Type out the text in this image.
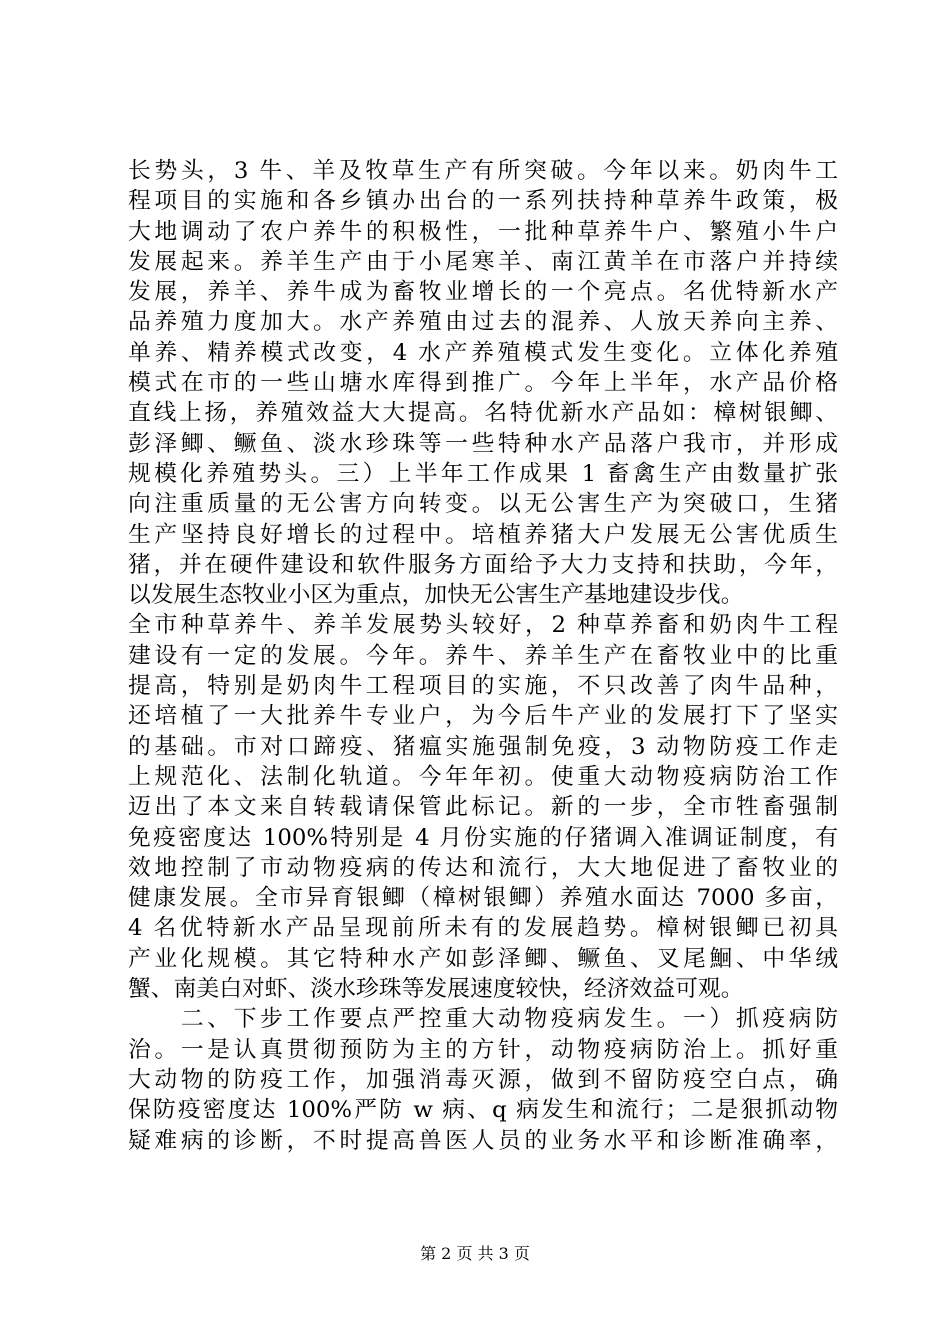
长势头，3 牛、羊及牧草生产有所突破。今年以来。奶肉牛工
程项目的实施和各乡镇办出台的一系列扶持种草养牛政策，极
大地调动了农户养牛的积极性，一批种草养牛户、繁殖小牛户
发展起来。养羊生产由于小尾寒羊、南江黄羊在市落户并持续
发展，养羊、养牛成为畜牧业增长的一个亮点。名优特新水产
品养殖力度加大。水产养殖由过去的混养、人放天养向主养、
单养、精养模式改变，4 水产养殖模式发生变化。立体化养殖
模式在市的一些山塘水库得到推广。今年上半年，水产品价格
直线上扬，养殖效益大大提高。名特优新水产品如：樟树银鲫、
彭泽鲫、鳜鱼、淡水珍珠等一些特种水产品落户我市，并形成
规模化养殖势头。三）上半年工作成果 1 畜禽生产由数量扩张
向注重质量的无公害方向转变。以无公害生产为突破口，生猪
生产坚持良好增长的过程中。培植养猪大户发展无公害优质生
猪，并在硬件建设和软件服务方面给予大力支持和扶助，今年，
以发展生态牧业小区为重点，加快无公害生产基地建设步伐。
全市种草养牛、养羊发展势头较好，2 种草养畜和奶肉牛工程
建设有一定的发展。今年。养牛、养羊生产在畜牧业中的比重
提高，特别是奶肉牛工程项目的实施，不只改善了肉牛品种，
还培植了一大批养牛专业户，为今后牛产业的发展打下了坚实
的基础。市对口蹄疫、猪瘟实施强制免疫，3 动物防疫工作走
上规范化、法制化轨道。今年年初。使重大动物疫病防治工作
迈出了本文来自转载请保管此标记。新的一步，全市牲畜强制
免疫密度达 100%特别是 4 月份实施的仔猪调入准调证制度，有
效地控制了市动物疫病的传达和流行，大大地促进了畜牧业的
健康发展。全市异育银鲫（樟树银鲫）养殖水面达 7000 多亩，
4 名优特新水产品呈现前所未有的发展趋势。樟树银鲫已初具
产业化规模。其它特种水产如彭泽鲫、鳜鱼、叉尾鮰、中华绒
蟹、南美白对虾、淡水珍珠等发展速度较快，经济效益可观。
　　二、下步工作要点严控重大动物疫病发生。一）抓疫病防
治。一是认真贯彻预防为主的方针，动物疫病防治上。抓好重
大动物的防疫工作，加强消毒灭源，做到不留防疫空白点，确
保防疫密度达 100%严防 w 病、q 病发生和流行；二是狠抓动物
疑难病的诊断，不时提高兽医人员的业务水平和诊断准确率，
第 2 页 共 3 页
